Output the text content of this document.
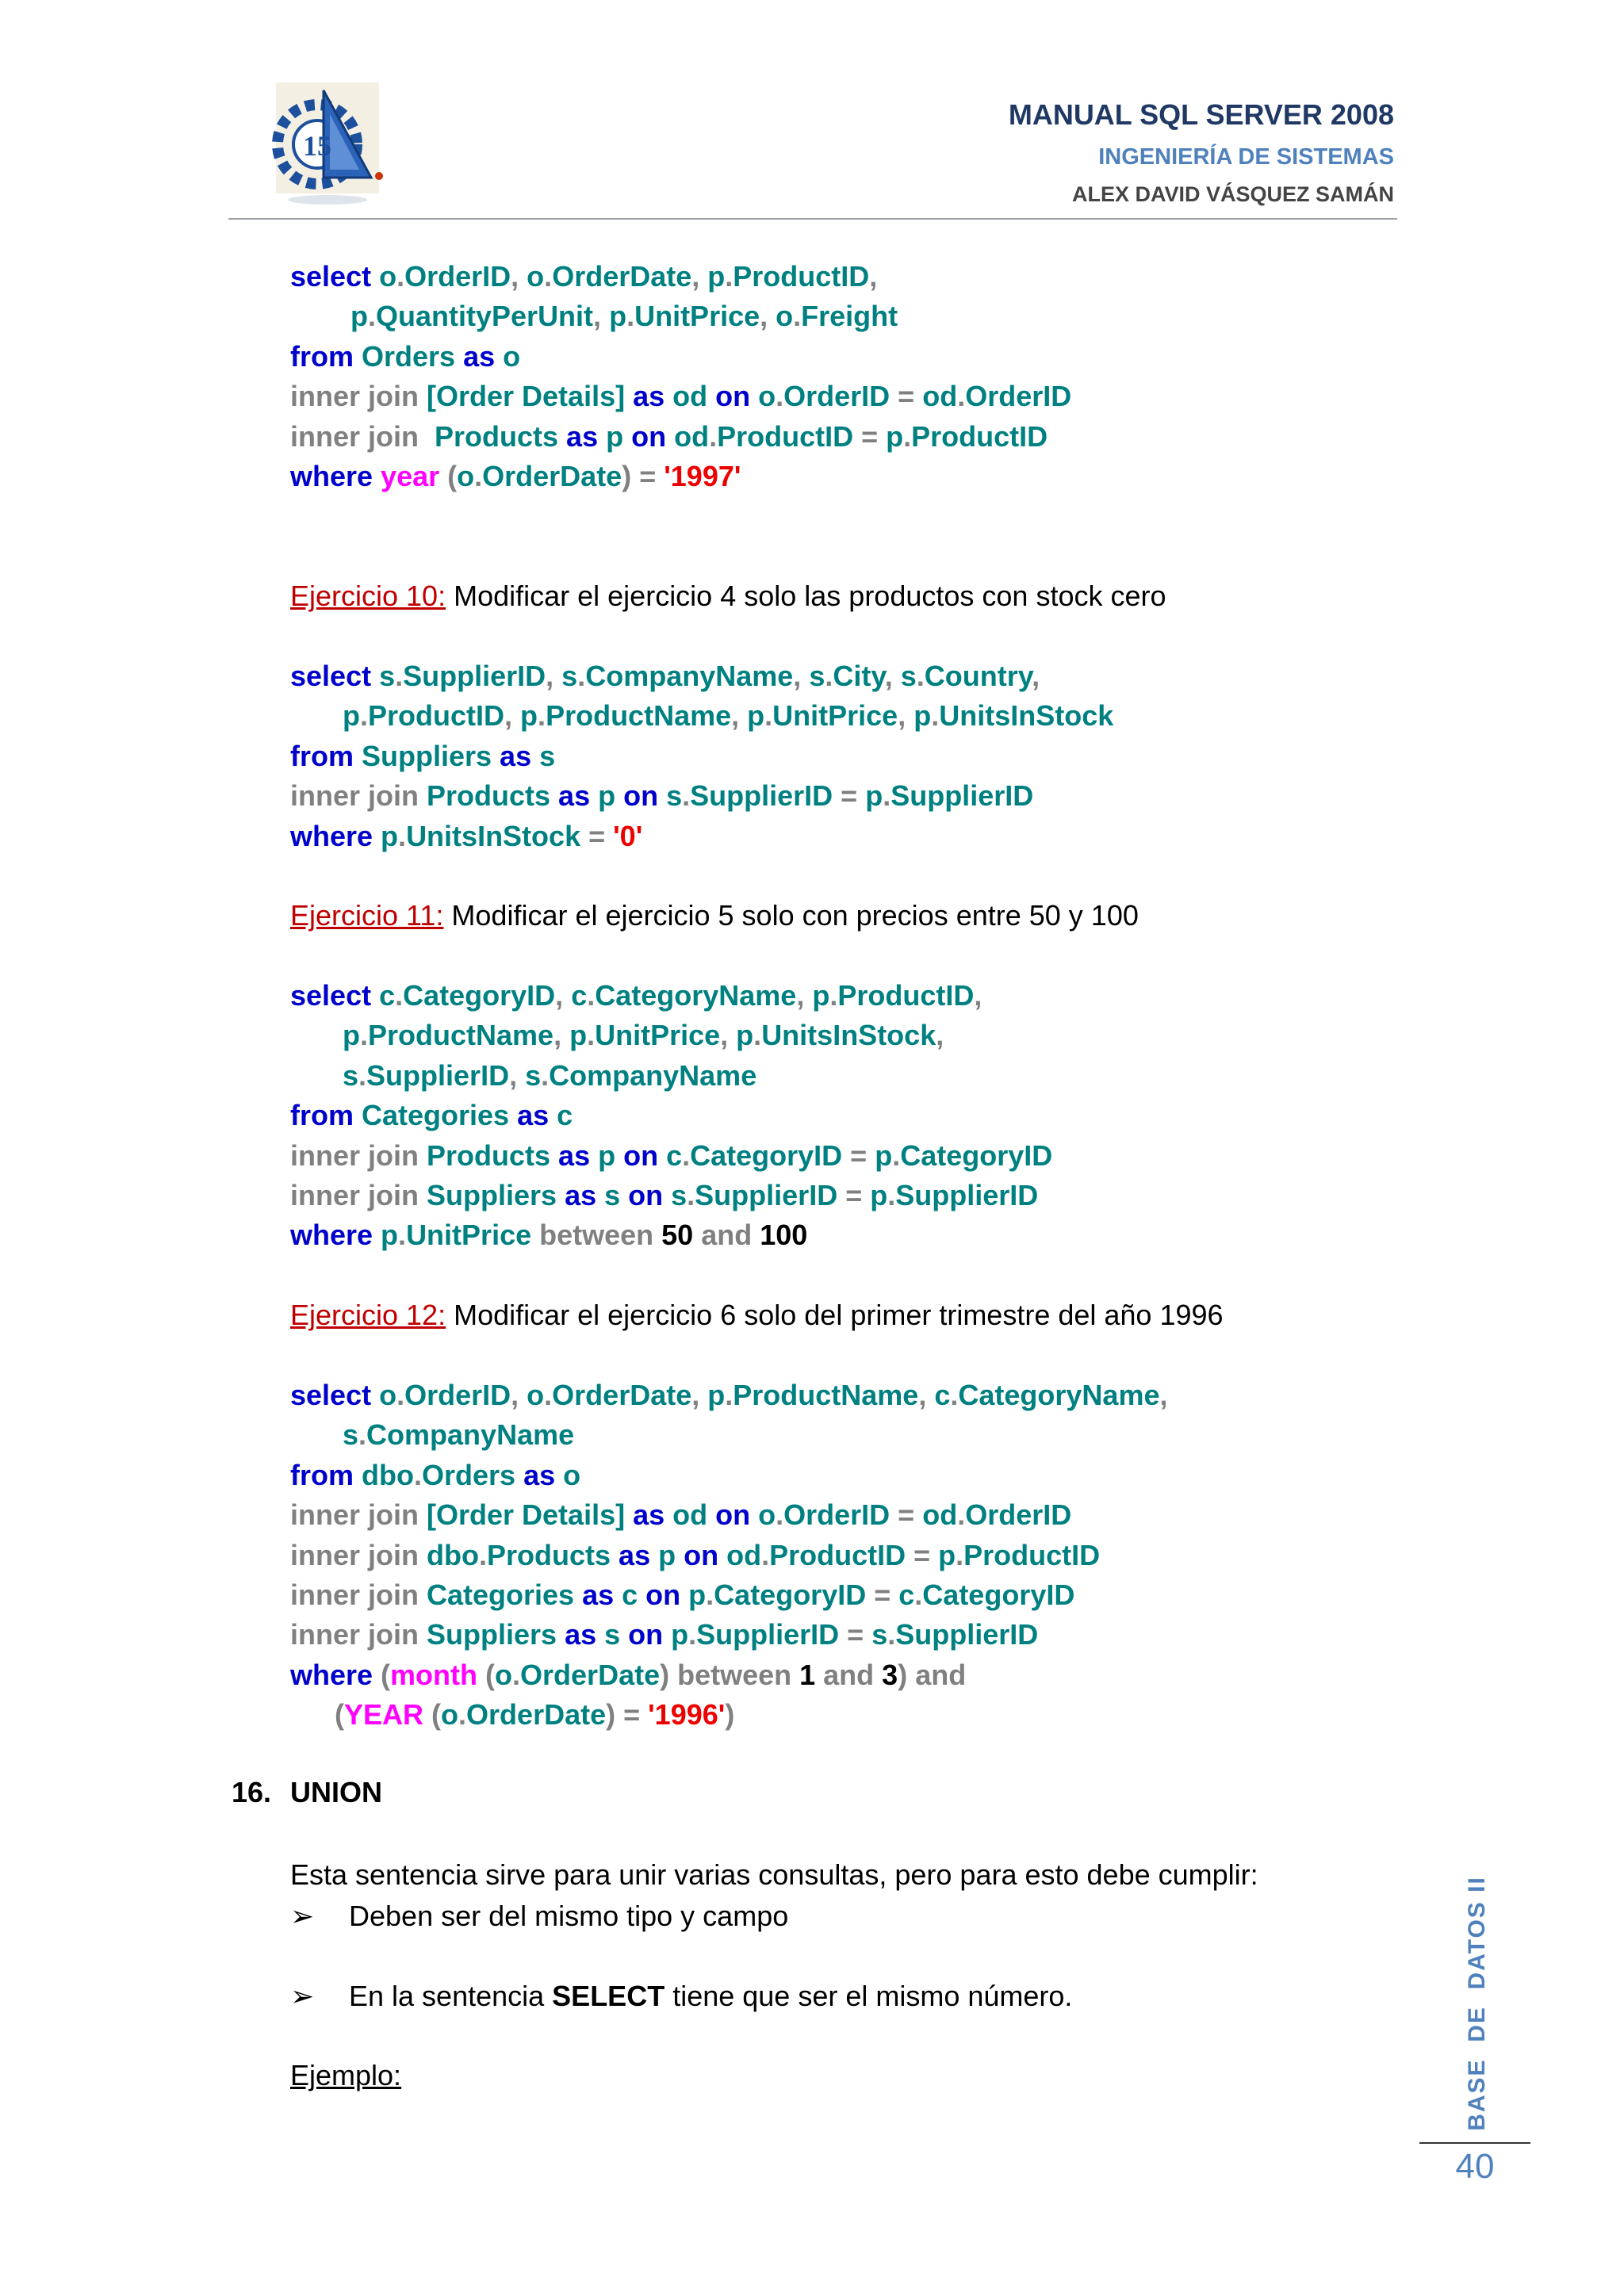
15
MANUAL SQL SERVER 2008
INGENIERÍA DE SISTEMAS
ALEX DAVID VÁSQUEZ SAMÁN
select o.OrderID, o.OrderDate, p.ProductID,
p.QuantityPerUnit, p.UnitPrice, o.Freight
from Orders as o
inner join [Order Details] as od on o.OrderID = od.OrderID
inner join  Products as p on od.ProductID = p.ProductID
where year (o.OrderDate) = '1997'
Ejercicio 10: Modificar el ejercicio 4 solo las productos con stock cero
select s.SupplierID, s.CompanyName, s.City, s.Country,
p.ProductID, p.ProductName, p.UnitPrice, p.UnitsInStock
from Suppliers as s
inner join Products as p on s.SupplierID = p.SupplierID
where p.UnitsInStock = '0'
Ejercicio 11: Modificar el ejercicio 5 solo con precios entre 50 y 100
select c.CategoryID, c.CategoryName, p.ProductID,
p.ProductName, p.UnitPrice, p.UnitsInStock,
s.SupplierID, s.CompanyName
from Categories as c
inner join Products as p on c.CategoryID = p.CategoryID
inner join Suppliers as s on s.SupplierID = p.SupplierID
where p.UnitPrice between 50 and 100
Ejercicio 12: Modificar el ejercicio 6 solo del primer trimestre del año 1996
select o.OrderID, o.OrderDate, p.ProductName, c.CategoryName,
s.CompanyName
from dbo.Orders as o
inner join [Order Details] as od on o.OrderID = od.OrderID
inner join dbo.Products as p on od.ProductID = p.ProductID
inner join Categories as c on p.CategoryID = c.CategoryID
inner join Suppliers as s on p.SupplierID = s.SupplierID
where (month (o.OrderDate) between 1 and 3) and
(YEAR (o.OrderDate) = '1996')
16. UNION
Esta sentencia sirve para unir varias consultas, pero para esto debe cumplir:
➢ Deben ser del mismo tipo y campo
➢ En la sentencia SELECT tiene que ser el mismo número.
Ejemplo:	BASE  DE  DATOS II
40
